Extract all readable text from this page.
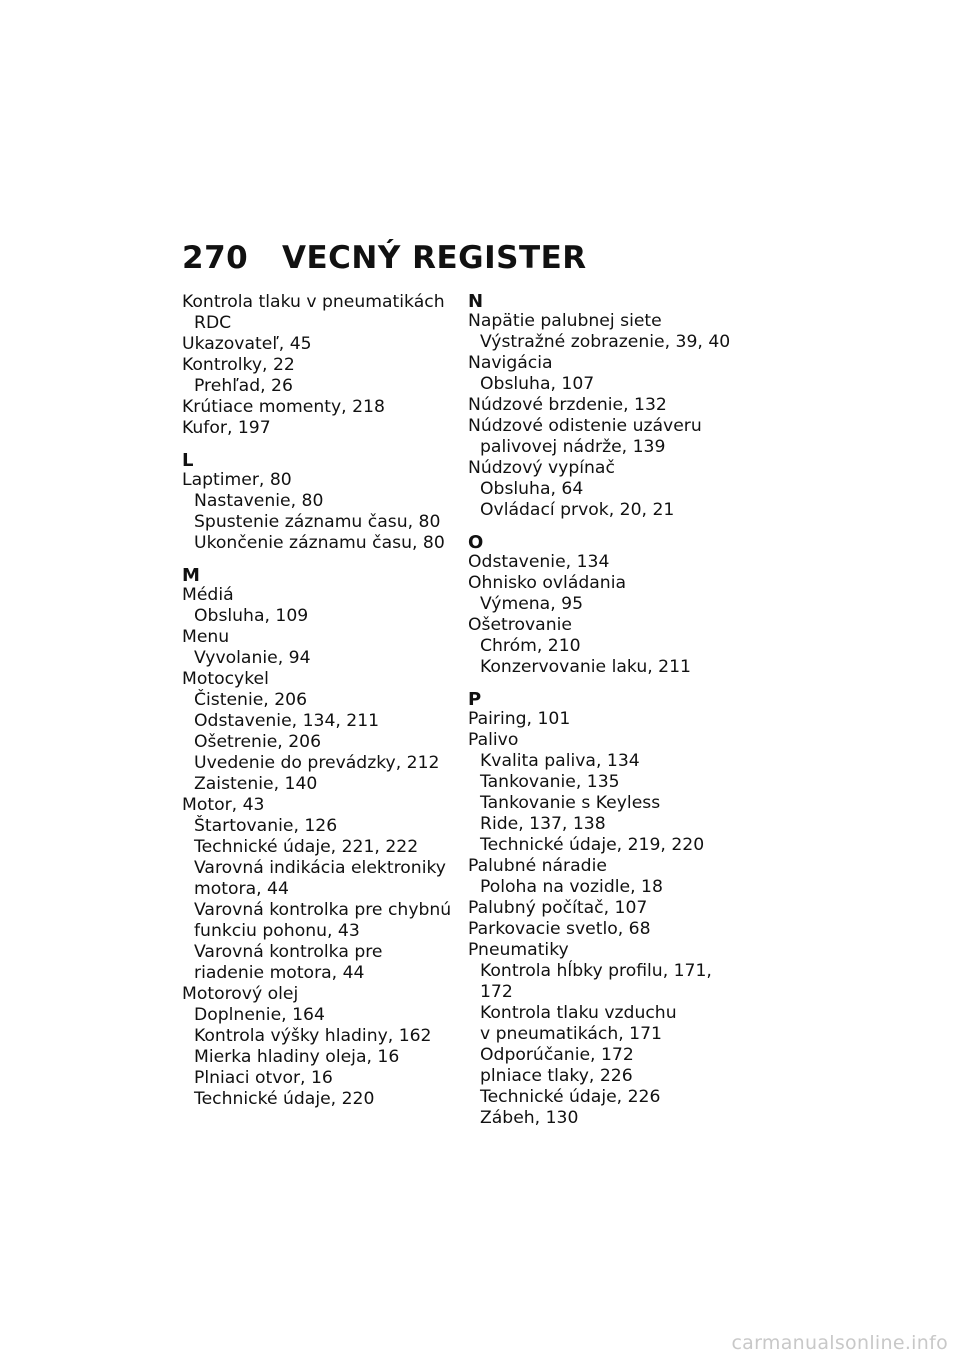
270	VECNÝ REGISTER
Kontrola tlaku v pneumatikách
RDC
Ukazovateľ, 45
Kontrolky, 22
Prehľad, 26
Krútiace momenty, 218
Kufor, 197
L
Laptimer, 80
Nastavenie, 80
Spustenie záznamu času, 80
Ukončenie záznamu času, 80
M
Médiá
Obsluha, 109
Menu
Vyvolanie, 94
Motocykel
Čistenie, 206
Odstavenie, 134, 211
Ošetrenie, 206
Uvedenie do prevádzky, 212
Zaistenie, 140
Motor, 43
Štartovanie, 126
Technické údaje, 221, 222
Varovná indikácia elektroniky
motora, 44
Varovná kontrolka pre chybnú
funkciu pohonu, 43
Varovná kontrolka pre
riadenie motora, 44
Motorový olej
Doplnenie, 164
Kontrola výšky hladiny, 162
Mierka hladiny oleja, 16
Plniaci otvor, 16
Technické údaje, 220
N
Napätie palubnej siete
Výstražné zobrazenie, 39, 40
Navigácia
Obsluha, 107
Núdzové brzdenie, 132
Núdzové odistenie uzáveru
palivovej nádrže, 139
Núdzový vypínač
Obsluha, 64
Ovládací prvok, 20, 21
O
Odstavenie, 134
Ohnisko ovládania
Výmena, 95
Ošetrovanie
Chróm, 210
Konzervovanie laku, 211
P
Pairing, 101
Palivo
Kvalita paliva, 134
Tankovanie, 135
Tankovanie s Keyless
Ride, 137, 138
Technické údaje, 219, 220
Palubné náradie
Poloha na vozidle, 18
Palubný počítač, 107
Parkovacie svetlo, 68
Pneumatiky
Kontrola hĺbky profilu, 171,
172
Kontrola tlaku vzduchu
v pneumatikách, 171
Odporúčanie, 172
plniace tlaky, 226
Technické údaje, 226
Zábeh, 130
carmanualsonline.info
